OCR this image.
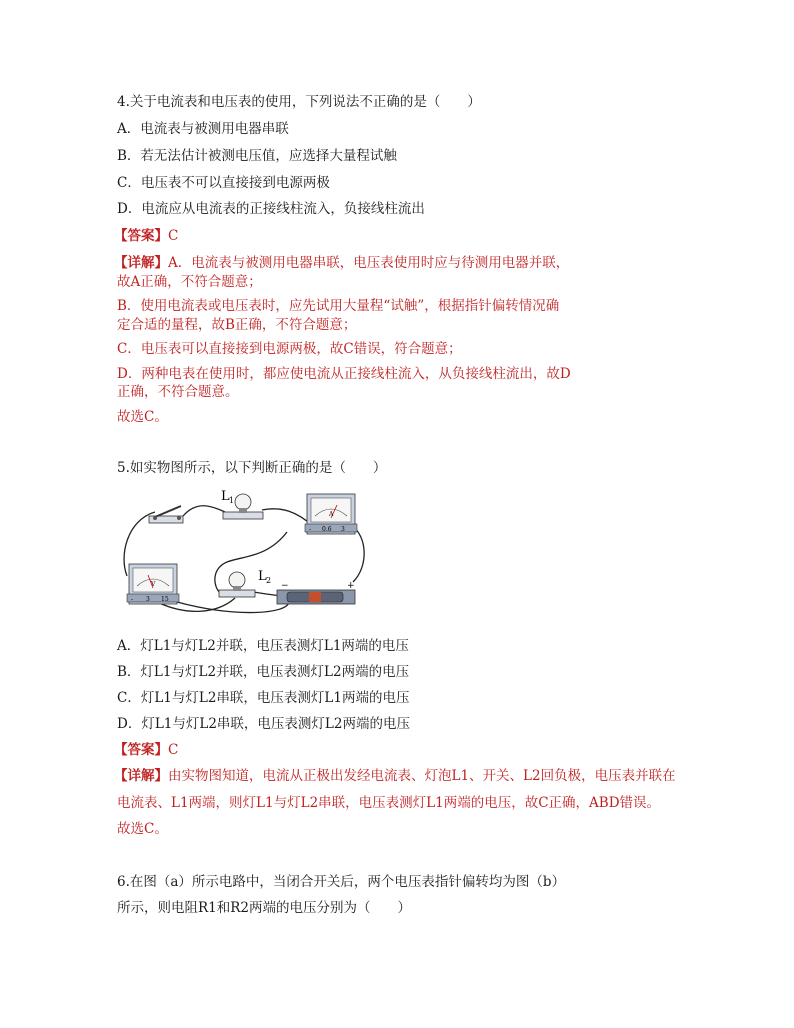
4.关于电流表和电压表的使用，下列说法不正确的是（　　）
A．电流表与被测用电器串联
B．若无法估计被测电压值，应选择大量程试触
C．电压表不可以直接接到电源两极
D．电流应从电流表的正接线柱流入，负接线柱流出
【答案】C
【详解】A．电流表与被测用电器串联，电压表使用时应与待测用电器并联，
故A正确，不符合题意；
B．使用电流表或电压表时，应先试用大量程“试触”，根据指针偏转情况确
定合适的量程，故B正确，不符合题意；
C．电压表可以直接接到电源两极，故C错误，符合题意；
D．两种电表在使用时，都应使电流从正接线柱流入，从负接线柱流出，故D
正确，不符合题意。
故选C。
5.如实物图所示，以下判断正确的是（　　）
L 1
A
- 0.6 3
V
- 3 15
L 2
−	+
A．灯L1与灯L2并联，电压表测灯L1两端的电压
B．灯L1与灯L2并联，电压表测灯L2两端的电压
C．灯L1与灯L2串联，电压表测灯L1两端的电压
D．灯L1与灯L2串联，电压表测灯L2两端的电压
【答案】C
【详解】由实物图知道，电流从正极出发经电流表、灯泡L1、开关、L2回负极，电压表并联在
电流表、L1两端，则灯L1与灯L2串联，电压表测灯L1两端的电压，故C正确，ABD错误。
故选C。
6.在图（a）所示电路中，当闭合开关后，两个电压表指针偏转均为图（b）
所示，则电阻R1和R2两端的电压分别为（　　）
